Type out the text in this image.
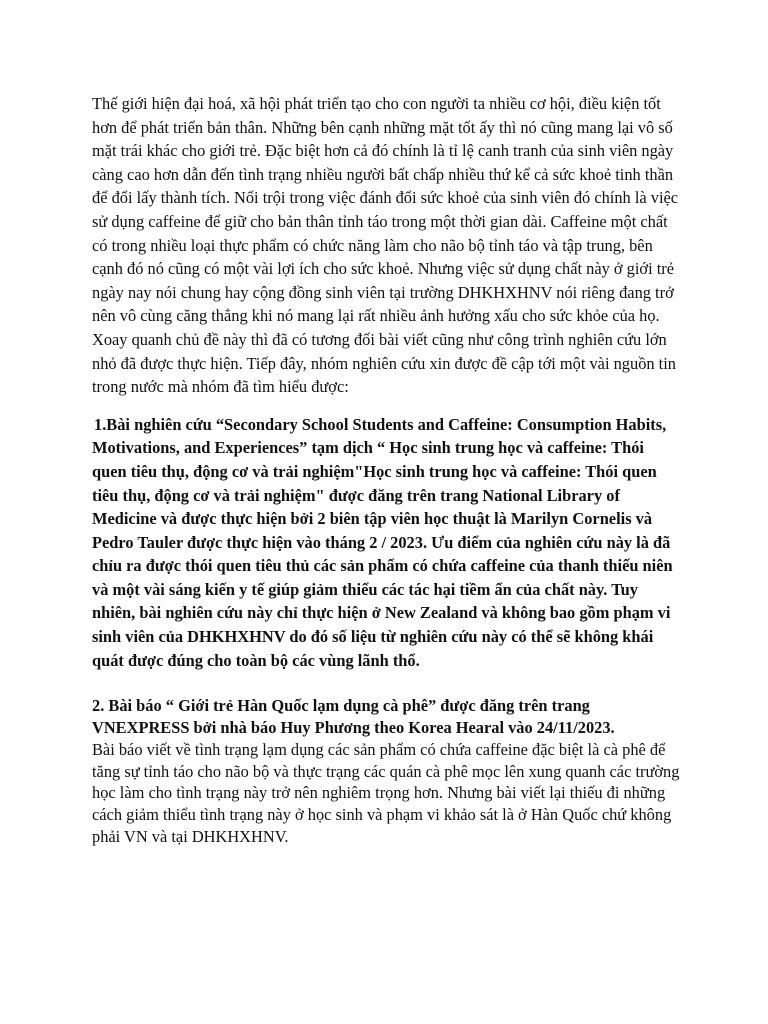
Thế giới hiện đại hoá, xã hội phát triển tạo cho con người ta nhiều cơ hội, điều kiện tốt hơn để phát triển bản thân. Những bên cạnh những mặt tốt ấy thì nó cũng mang lại vô số mặt trái khác cho giới trẻ. Đặc biệt hơn cả đó chính là tỉ lệ canh tranh của sinh viên ngày càng cao hơn dẫn đến tình trạng nhiều người bất chấp nhiều thứ kể cả sức khoẻ tinh thần để đổi lấy thành tích. Nổi trội trong việc đánh đổi sức khoẻ của sinh viên đó chính là việc sử dụng caffeine để giữ cho bản thân tỉnh táo trong một thời gian dài. Caffeine một chất có trong nhiều loại thực phẩm có chức năng làm cho não bộ tỉnh táo và tập trung, bên cạnh đó nó cũng có một vài lợi ích cho sức khoẻ. Nhưng việc sử dụng chất này ở giới trẻ ngày nay nói chung hay cộng đồng sinh viên tại trường DHKHXHNV nói riêng đang trở nên vô cùng căng thẳng khi nó mang lại rất nhiều ảnh hưởng xấu cho sức khỏe của họ. Xoay quanh chủ đề này thì đã có tương đối bài viết cũng như công trình nghiên cứu lớn nhỏ đã được thực hiện. Tiếp đây, nhóm nghiên cứu xin được đề cập tới một vài nguồn tin trong nước mà nhóm đã tìm hiểu được:

1.Bài nghiên cứu “Secondary School Students and Caffeine: Consumption Habits, Motivations, and Experiences” tạm dịch “ Học sinh trung học và caffeine: Thói quen tiêu thụ, động cơ và trải nghiệm"Học sinh trung học và caffeine: Thói quen tiêu thụ, động cơ và trải nghiệm" được đăng trên trang National Library of Medicine và được thực hiện bởi 2 biên tập viên học thuật là Marilyn Cornelis và Pedro Tauler được thực hiện vào tháng 2 / 2023. Ưu điểm của nghiên cứu này là đã chỉu ra được thói quen tiêu thủ các sản phẩm có chứa caffeine của thanh thiếu niên và một vài sáng kiến y tế giúp giảm thiểu các tác hại tiềm ẩn của chất này. Tuy nhiên, bài nghiên cứu này chỉ thực hiện ở New Zealand và không bao gồm phạm vi sinh viên của DHKHXHNV do đó số liệu từ nghiên cứu này có thể sẽ không khái quát được đúng cho toàn bộ các vùng lãnh thổ.

2. Bài báo “ Giới trẻ Hàn Quốc lạm dụng cà phê” được đăng trên trang VNEXPRESS bởi nhà báo Huy Phương theo Korea Hearal vào 24/11/2023.
Bài báo viết về tình trạng lạm dụng các sản phẩm có chứa caffeine đặc biệt là cà phê để tăng sự tỉnh táo cho não bộ và thực trạng các quán cà phê mọc lên xung quanh các trường học làm cho tình trạng này trở nên nghiêm trọng hơn. Nhưng bài viết lại thiếu đi những cách giảm thiểu tình trạng này ở học sinh và phạm vi khảo sát là ở Hàn Quốc chứ không phải VN và tại DHKHXHNV.
